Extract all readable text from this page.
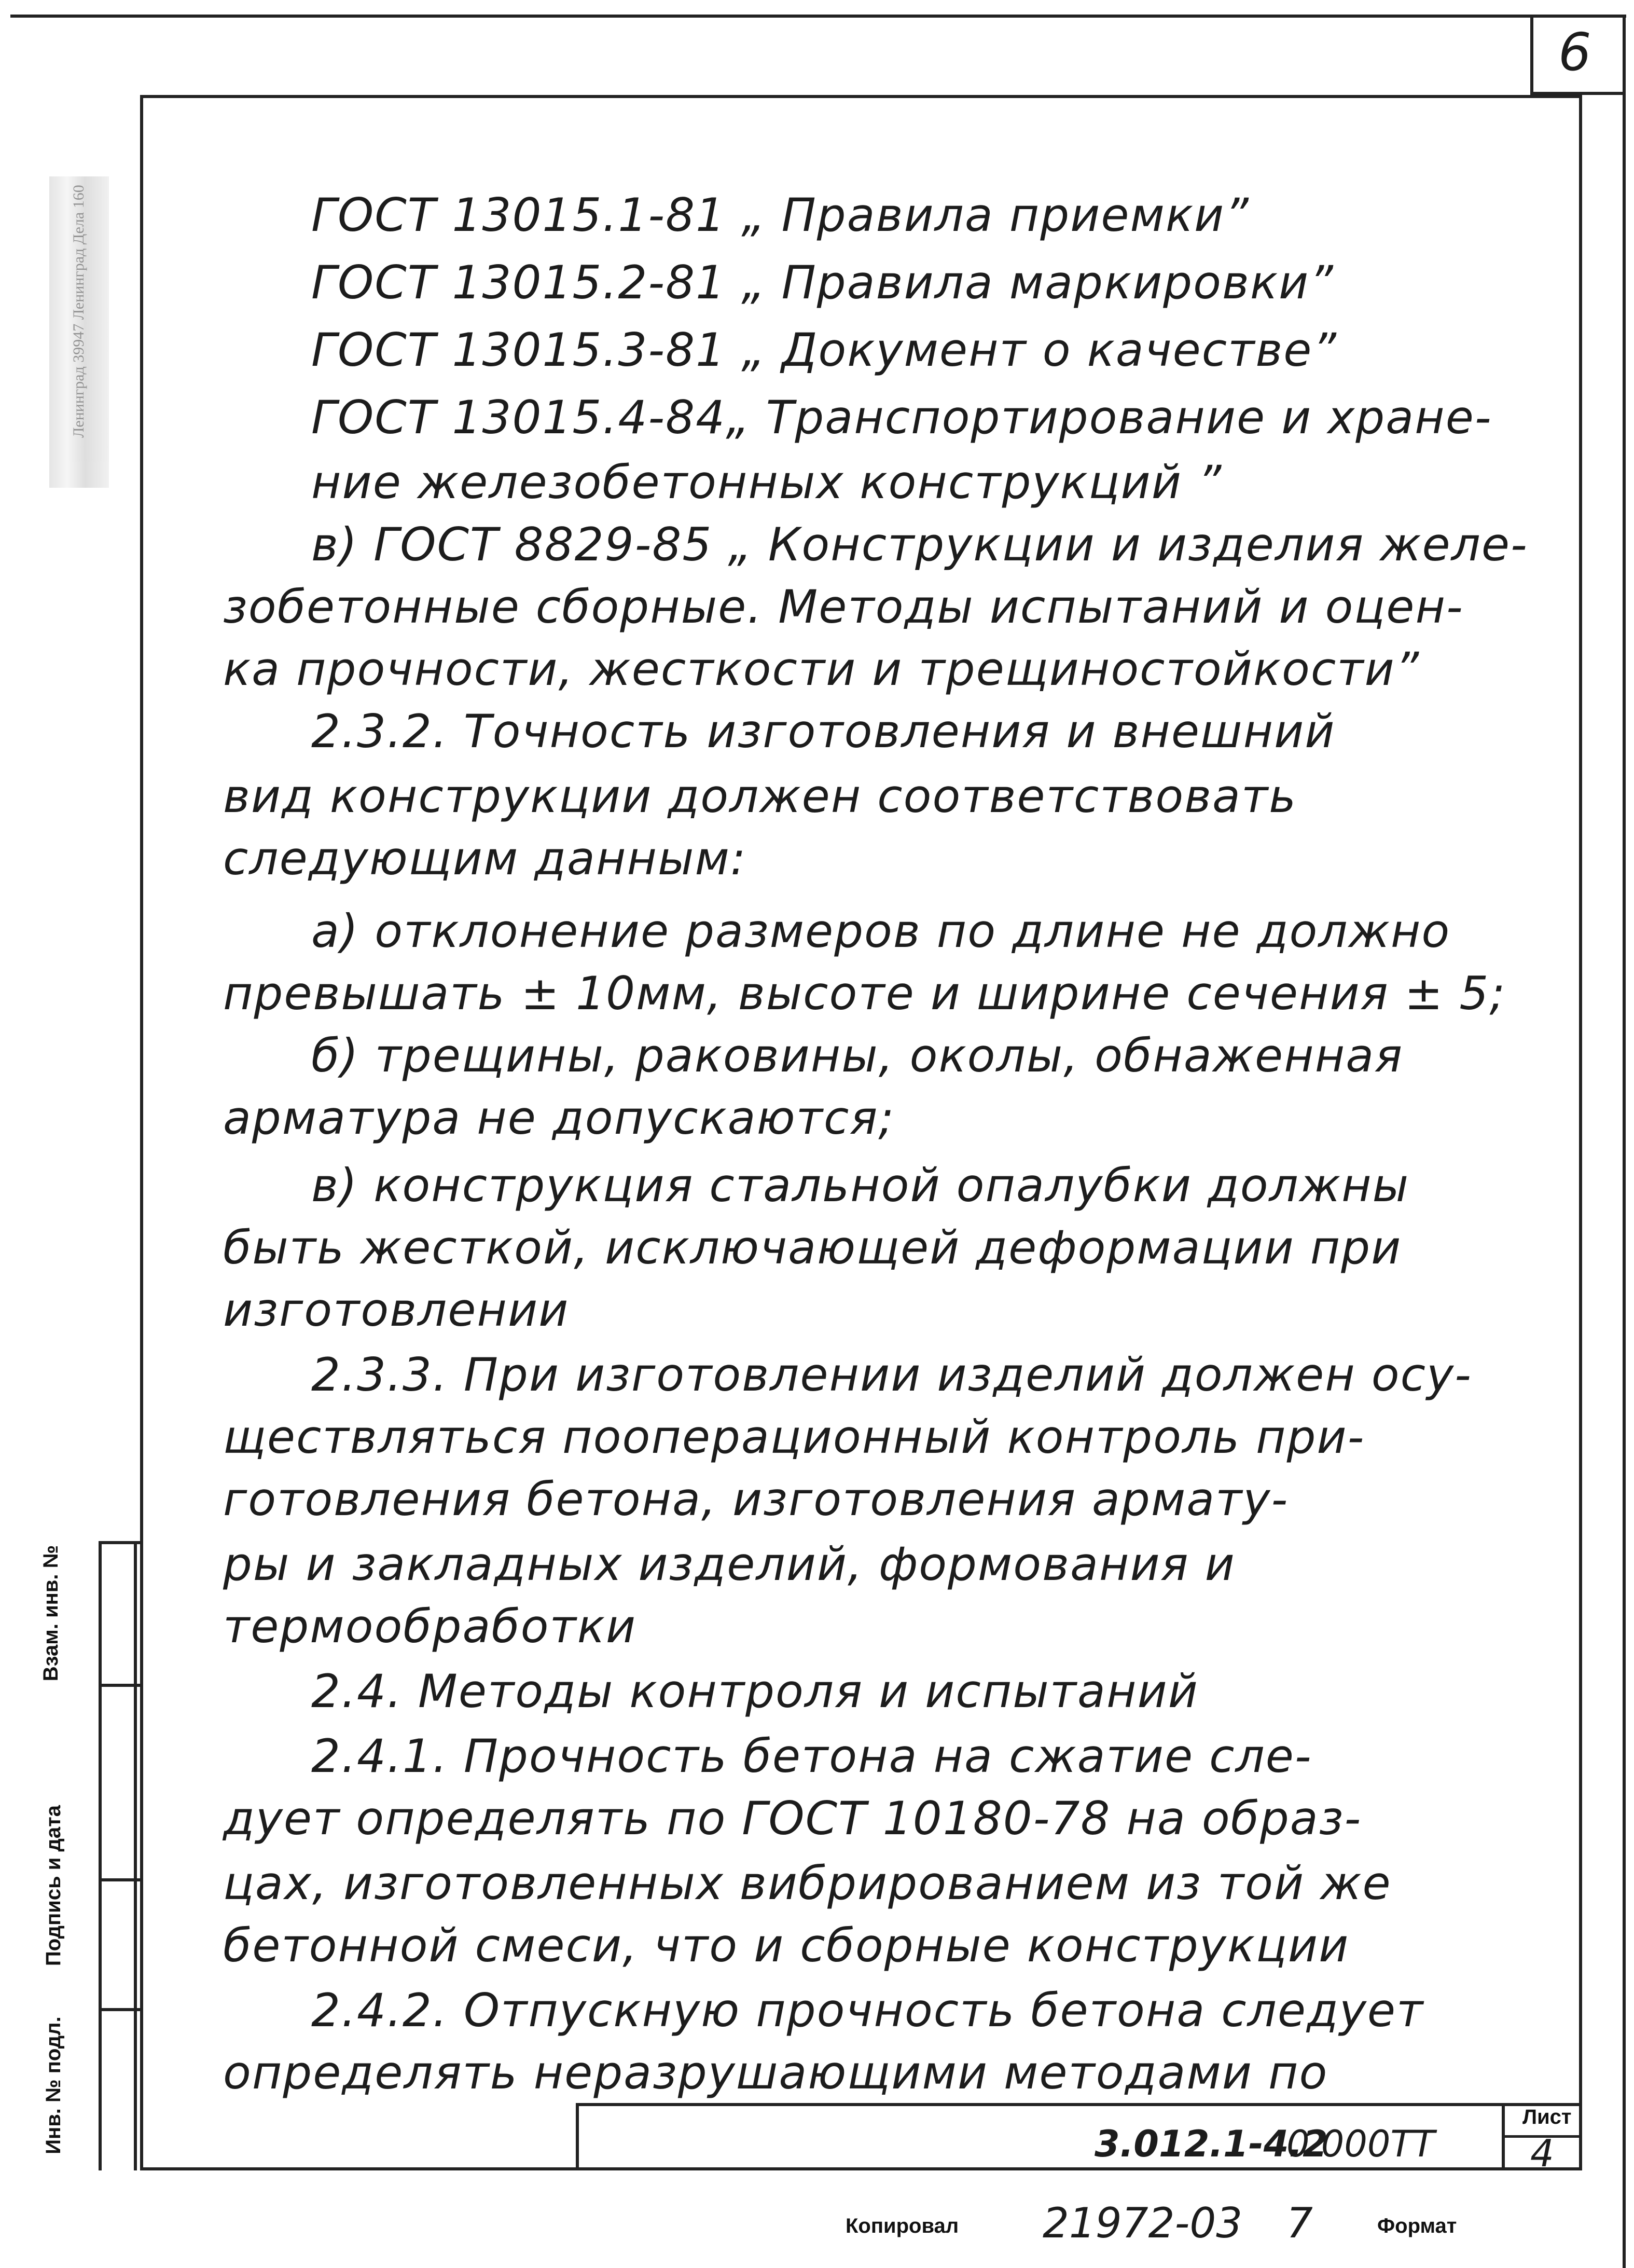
6
Взам. инв. №
Подпись и дата
Инв. № подл.
Ленинград 39947 Ленинград Дела 160	ГОСТ 13015.1-81 „ Правила приемки”
ГОСТ 13015.2-81 „ Правила маркировки”
ГОСТ 13015.3-81 „ Документ о качестве”
ГОСТ 13015.4-84„ Транспортирование и хране-
ние железобетонных конструкций ”
в) ГОСТ 8829-85 „ Конструкции и изделия желе-
зобетонные сборные. Методы испытаний и оцен-
ка прочности, жесткости и трещиностойкости”
2.3.2. Точность изготовления и внешний
вид конструкции должен соответствовать
следующим данным:
а) отклонение размеров по длине не должно
превышать ± 10мм, высоте и ширине сечения ± 5;
б) трещины, раковины, околы, обнаженная
арматура не допускаются;
в) конструкция стальной опалубки должны
быть жесткой, исключающей деформации при
изготовлении
2.3.3. При изготовлении изделий должен осу-
ществляться пооперационный контроль при-
готовления бетона, изготовления армату-
ры и закладных изделий, формования и
термообработки
2.4. Методы контроля и испытаний
2.4.1. Прочность бетона на сжатие сле-
дует определять по ГОСТ 10180-78 на образ-
цах, изготовленных вибрированием из той же
бетонной смеси, что и сборные конструкции
2.4.2. Отпускную прочность бетона следует
определять неразрушающими методами по
Лист
4
3.012.1-4.2
0.000ТТ
Копировал 21972-03 7	Формат
